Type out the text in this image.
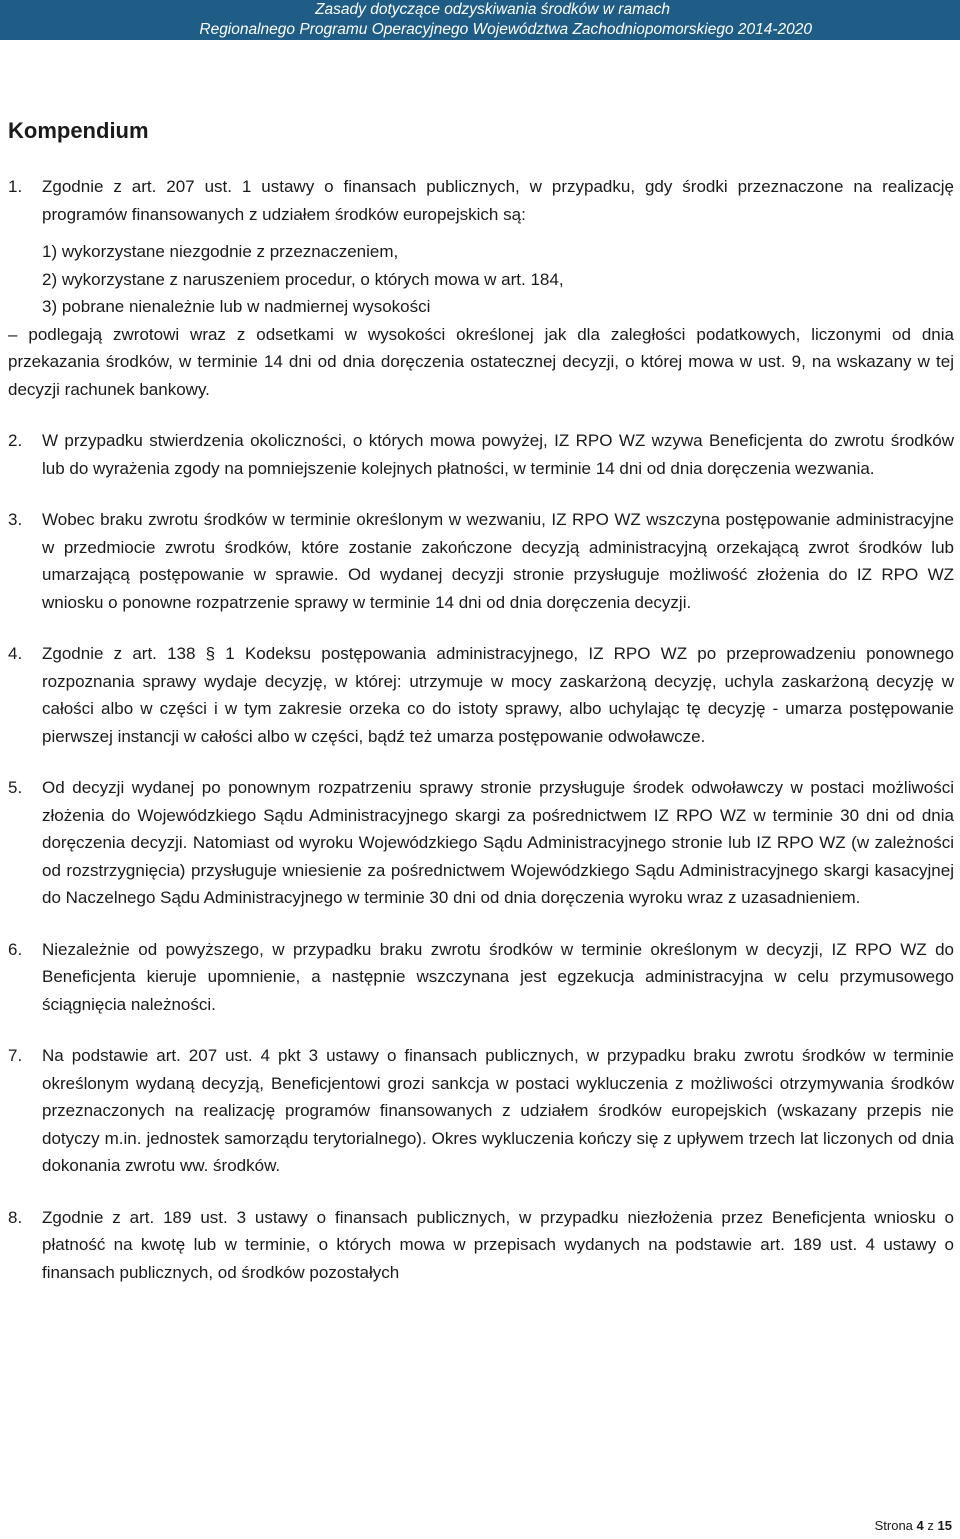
Zasady dotyczące odzyskiwania środków w ramach
Regionalnego Programu Operacyjnego Województwa Zachodniopomorskiego 2014-2020
Kompendium
1.	Zgodnie z art. 207 ust. 1 ustawy o finansach publicznych, w przypadku, gdy środki przeznaczone na realizację programów finansowanych z udziałem środków europejskich są:
1) wykorzystane niezgodnie z przeznaczeniem,
2) wykorzystane z naruszeniem procedur, o których mowa w art. 184,
3) pobrane nienależnie lub w nadmiernej wysokości
– podlegają zwrotowi wraz z odsetkami w wysokości określonej jak dla zaległości podatkowych, liczonymi od dnia przekazania środków, w terminie 14 dni od dnia doręczenia ostatecznej decyzji, o której mowa w ust. 9, na wskazany w tej decyzji rachunek bankowy.
2.	W przypadku stwierdzenia okoliczności, o których mowa powyżej, IZ RPO WZ wzywa Beneficjenta do zwrotu środków lub do wyrażenia zgody na pomniejszenie kolejnych płatności, w terminie 14 dni od dnia doręczenia wezwania.
3.	Wobec braku zwrotu środków w terminie określonym w wezwaniu, IZ RPO WZ wszczyna postępowanie administracyjne w przedmiocie zwrotu środków, które zostanie zakończone decyzją administracyjną orzekającą zwrot środków lub umarzającą postępowanie w sprawie. Od wydanej decyzji stronie przysługuje możliwość złożenia do IZ RPO WZ wniosku o ponowne rozpatrzenie sprawy w terminie 14 dni od dnia doręczenia decyzji.
4.	Zgodnie z art. 138 § 1 Kodeksu postępowania administracyjnego, IZ RPO WZ po przeprowadzeniu ponownego rozpoznania sprawy wydaje decyzję, w której: utrzymuje w mocy zaskarżoną decyzję, uchyla zaskarżoną decyzję w całości albo w części i w tym zakresie orzeka co do istoty sprawy, albo uchylając tę decyzję - umarza postępowanie pierwszej instancji w całości albo w części, bądź też umarza postępowanie odwoławcze.
5.	Od decyzji wydanej po ponownym rozpatrzeniu sprawy stronie przysługuje środek odwoławczy w postaci możliwości złożenia do Wojewódzkiego Sądu Administracyjnego skargi za pośrednictwem IZ RPO WZ w terminie 30 dni od dnia doręczenia decyzji. Natomiast od wyroku Wojewódzkiego Sądu Administracyjnego stronie lub IZ RPO WZ (w zależności od rozstrzygnięcia) przysługuje wniesienie za pośrednictwem Wojewódzkiego Sądu Administracyjnego skargi kasacyjnej do Naczelnego Sądu Administracyjnego w terminie 30 dni od dnia doręczenia wyroku wraz z uzasadnieniem.
6.	Niezależnie od powyższego, w przypadku braku zwrotu środków w terminie określonym w decyzji, IZ RPO WZ do Beneficjenta kieruje upomnienie, a następnie wszczynana jest egzekucja administracyjna w celu przymusowego ściągnięcia należności.
7.	Na podstawie art. 207 ust. 4 pkt 3 ustawy o finansach publicznych, w przypadku braku zwrotu środków w terminie określonym wydaną decyzją, Beneficjentowi grozi sankcja w postaci wykluczenia z możliwości otrzymywania środków przeznaczonych na realizację programów finansowanych z udziałem środków europejskich (wskazany przepis nie dotyczy m.in. jednostek samorządu terytorialnego). Okres wykluczenia kończy się z upływem trzech lat liczonych od dnia dokonania zwrotu ww. środków.
8.	Zgodnie z art. 189 ust. 3 ustawy o finansach publicznych, w przypadku niezłożenia przez Beneficjenta wniosku o płatność na kwotę lub w terminie, o których mowa w przepisach wydanych na podstawie art. 189 ust. 4 ustawy o finansach publicznych, od środków pozostałych
Strona 4 z 15
